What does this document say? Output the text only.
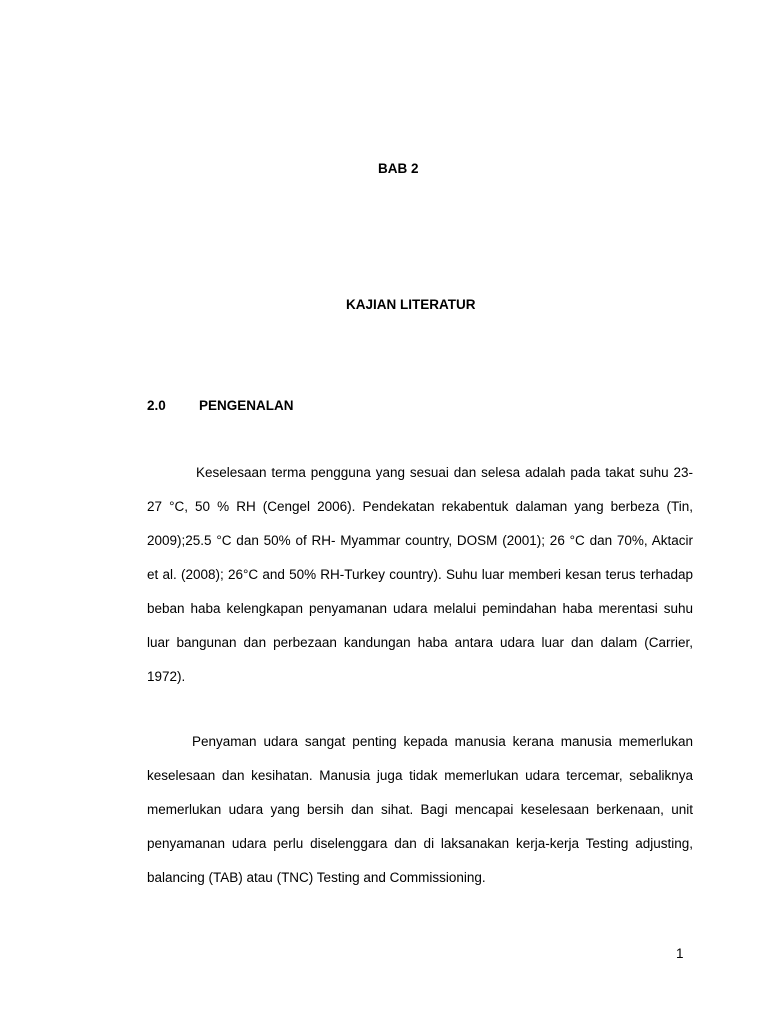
BAB 2
KAJIAN LITERATUR
2.0 PENGENALAN

Keselesaan terma pengguna yang sesuai dan selesa adalah pada takat suhu 23-27 °C, 50 % RH (Cengel 2006). Pendekatan rekabentuk dalaman yang berbeza (Tin, 2009);25.5 °C dan 50% of RH- Myammar country, DOSM (2001); 26 °C dan 70%, Aktacir et al. (2008); 26°C and 50% RH-Turkey country). Suhu luar memberi kesan terus terhadap beban haba kelengkapan penyamanan udara melalui pemindahan haba merentasi suhu luar bangunan dan perbezaan kandungan haba antara udara luar dan dalam (Carrier, 1972).

Penyaman udara sangat penting kepada manusia kerana manusia memerlukan keselesaan dan kesihatan. Manusia juga tidak memerlukan udara tercemar, sebaliknya memerlukan udara yang bersih dan sihat. Bagi mencapai keselesaan berkenaan, unit penyamanan udara perlu diselenggara dan di laksanakan kerja-kerja Testing adjusting, balancing (TAB) atau (TNC) Testing and Commissioning.

1
